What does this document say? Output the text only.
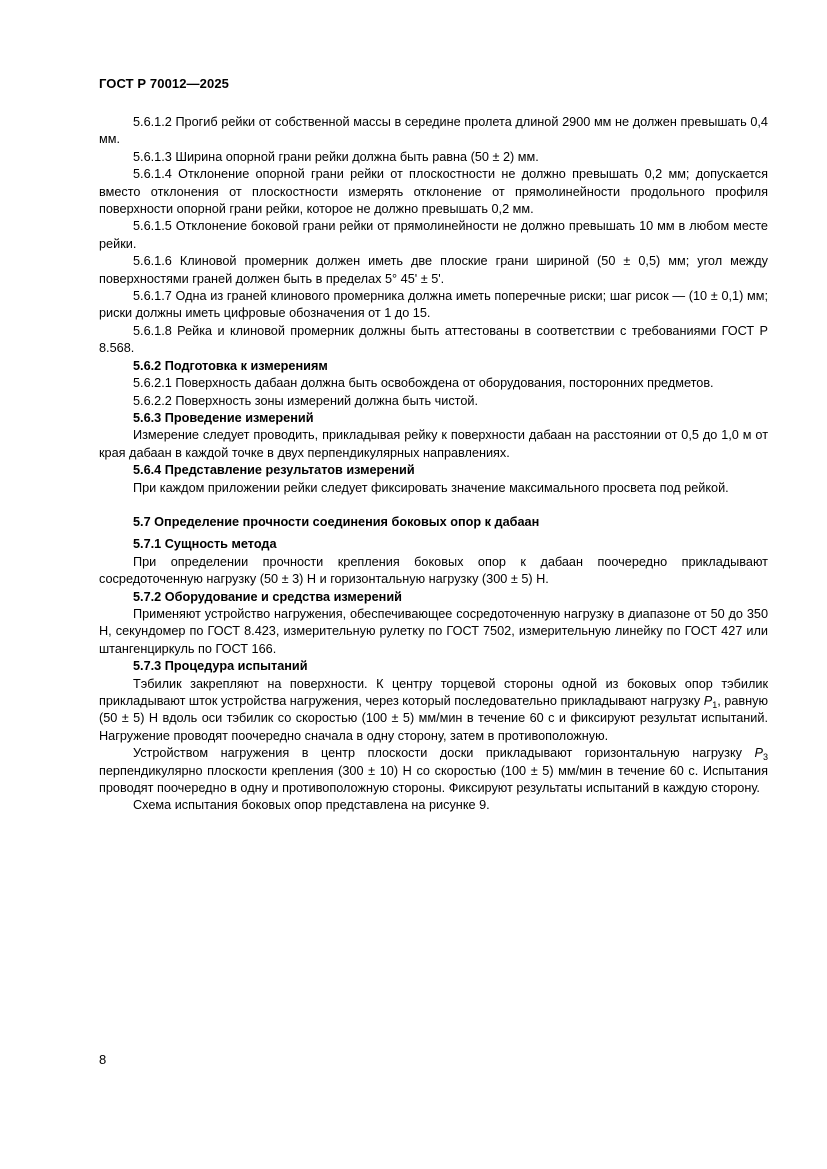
ГОСТ Р 70012—2025
5.6.1.2 Прогиб рейки от собственной массы в середине пролета длиной 2900 мм не должен превышать 0,4 мм.
5.6.1.3 Ширина опорной грани рейки должна быть равна (50 ± 2) мм.
5.6.1.4 Отклонение опорной грани рейки от плоскостности не должно превышать 0,2 мм; допускается вместо отклонения от плоскостности измерять отклонение от прямолинейности продольного профиля поверхности опорной грани рейки, которое не должно превышать 0,2 мм.
5.6.1.5 Отклонение боковой грани рейки от прямолинейности не должно превышать 10 мм в любом месте рейки.
5.6.1.6 Клиновой промерник должен иметь две плоские грани шириной (50 ± 0,5) мм; угол между поверхностями граней должен быть в пределах 5° 45' ± 5'.
5.6.1.7 Одна из граней клинового промерника должна иметь поперечные риски; шаг рисок — (10 ± 0,1) мм; риски должны иметь цифровые обозначения от 1 до 15.
5.6.1.8 Рейка и клиновой промерник должны быть аттестованы в соответствии с требованиями ГОСТ Р 8.568.
5.6.2 Подготовка к измерениям
5.6.2.1 Поверхность дабаан должна быть освобождена от оборудования, посторонних предметов.
5.6.2.2 Поверхность зоны измерений должна быть чистой.
5.6.3 Проведение измерений
Измерение следует проводить, прикладывая рейку к поверхности дабаан на расстоянии от 0,5 до 1,0 м от края дабаан в каждой точке в двух перпендикулярных направлениях.
5.6.4 Представление результатов измерений
При каждом приложении рейки следует фиксировать значение максимального просвета под рейкой.
5.7 Определение прочности соединения боковых опор к дабаан
5.7.1 Сущность метода
При определении прочности крепления боковых опор к дабаан поочередно прикладывают сосредоточенную нагрузку (50 ± 3) Н и горизонтальную нагрузку (300 ± 5) Н.
5.7.2 Оборудование и средства измерений
Применяют устройство нагружения, обеспечивающее сосредоточенную нагрузку в диапазоне от 50 до 350 Н, секундомер по ГОСТ 8.423, измерительную рулетку по ГОСТ 7502, измерительную линейку по ГОСТ 427 или штангенциркуль по ГОСТ 166.
5.7.3 Процедура испытаний
Тэбилик закрепляют на поверхности. К центру торцевой стороны одной из боковых опор тэбилик прикладывают шток устройства нагружения, через который последовательно прикладывают нагрузку $P_1$, равную (50 ± 5) Н вдоль оси тэбилик со скоростью (100 ± 5) мм/мин в течение 60 с и фиксируют результат испытаний. Нагружение проводят поочередно сначала в одну сторону, затем в противоположную.
Устройством нагружения в центр плоскости доски прикладывают горизонтальную нагрузку $P_3$ перпендикулярно плоскости крепления (300 ± 10) Н со скоростью (100 ± 5) мм/мин в течение 60 с. Испытания проводят поочередно в одну и противоположную стороны. Фиксируют результаты испытаний в каждую сторону.
Схема испытания боковых опор представлена на рисунке 9.
8
